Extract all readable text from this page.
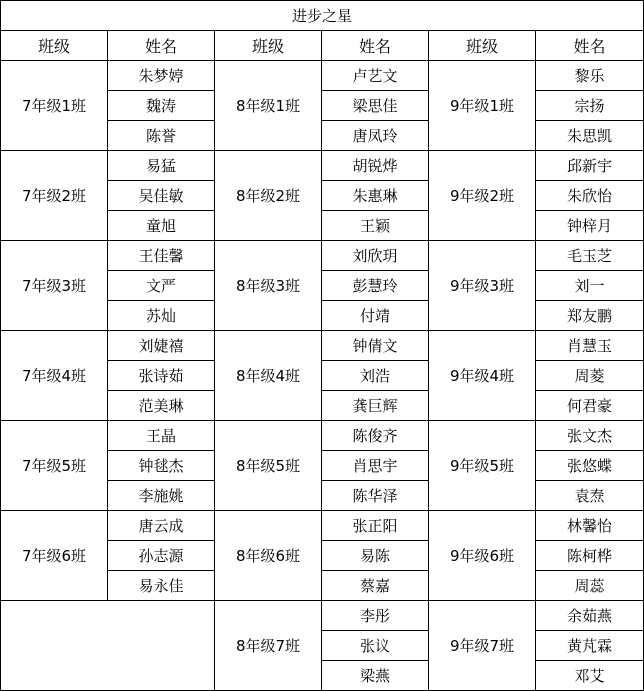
进步之星					
班级	姓名	班级	姓名	班级	姓名
7年级1班	朱梦婷	8年级1班	卢艺文	9年级1班	黎乐
	魏涛		梁思佳		宗扬
	陈誉		唐凤玲		朱思凯
7年级2班	易猛	8年级2班	胡锐烨	9年级2班	邱新宇
	吴佳敏		朱惠琳		朱欣怡
	童旭		王颖		钟梓月
7年级3班	王佳馨	8年级3班	刘欣玥	9年级3班	毛玉芝
	文严		彭慧玲		刘一
	苏灿		付靖		郑友鹏
7年级4班	刘婕禧	8年级4班	钟倩文	9年级4班	肖慧玉
	张诗茹		刘浩		周菱
	范美琳		龚巨辉		何君豪
7年级5班	王晶	8年级5班	陈俊齐	9年级5班	张文杰
	钟毬杰		肖思宇		张悠蝶
	李施姚		陈华泽		袁焘
7年级6班	唐云成	8年级6班	张正阳	9年级6班	林馨怡
	孙志源		易陈		陈柯桦
	易永佳		蔡嘉		周蕊
		8年级7班	李彤	9年级7班	余茹燕
			张议		黄芃霖
			梁燕		邓艾
